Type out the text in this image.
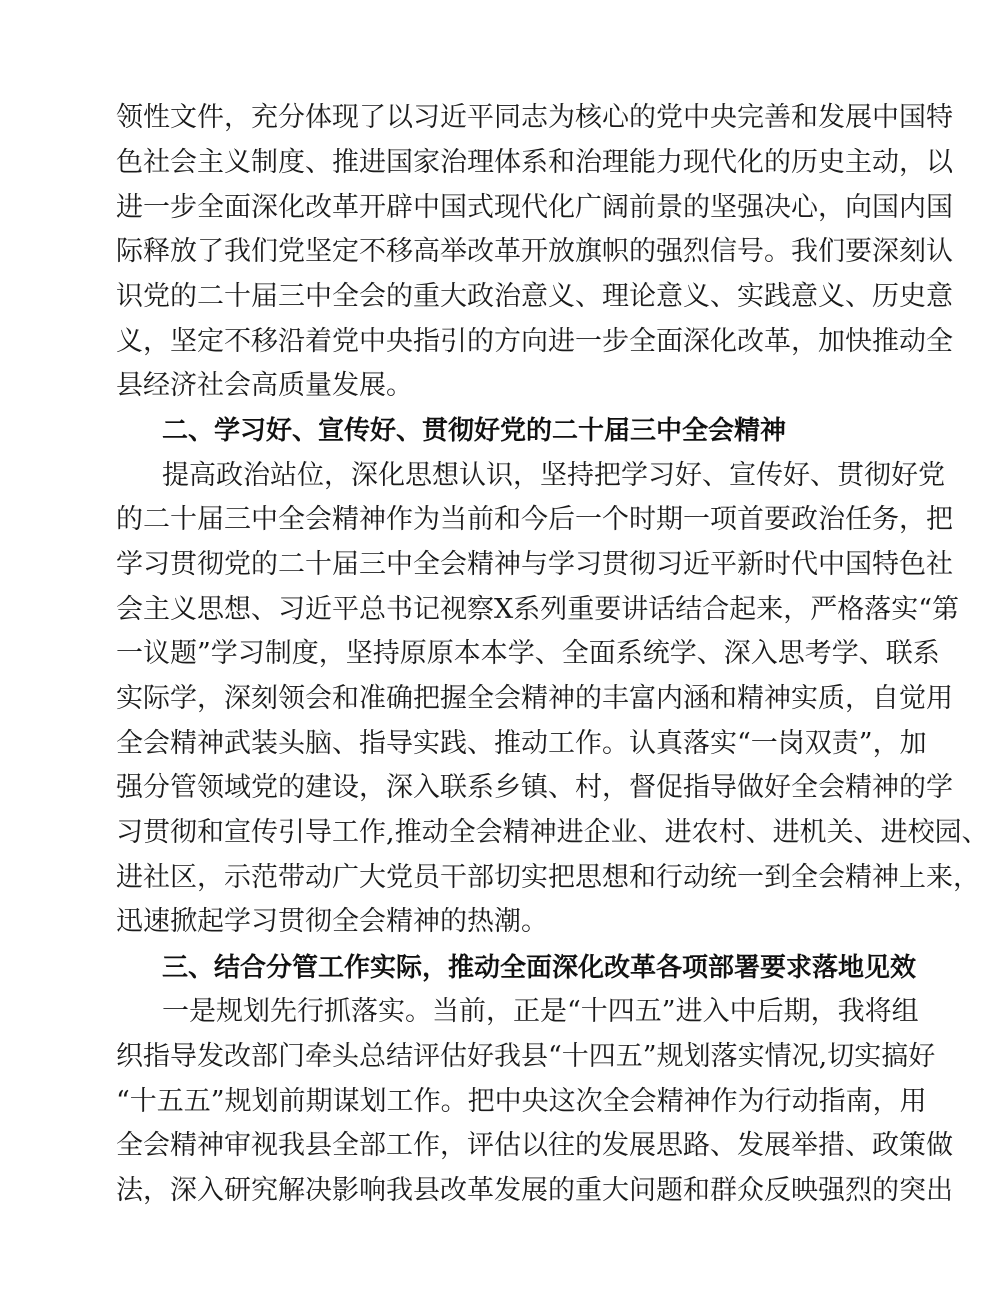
领性文件，充分体现了以习近平同志为核心的党中央完善和发展中国特
色社会主义制度、推进国家治理体系和治理能力现代化的历史主动，以
进一步全面深化改革开辟中国式现代化广阔前景的坚强决心，向国内国
际释放了我们党坚定不移高举改革开放旗帜的强烈信号。我们要深刻认
识党的二十届三中全会的重大政治意义、理论意义、实践意义、历史意
义，坚定不移沿着党中央指引的方向进一步全面深化改革，加快推动全
县经济社会高质量发展。
二、学习好、宣传好、贯彻好党的二十届三中全会精神
提高政治站位，深化思想认识，坚持把学习好、宣传好、贯彻好党
的二十届三中全会精神作为当前和今后一个时期一项首要政治任务，把
学习贯彻党的二十届三中全会精神与学习贯彻习近平新时代中国特色社
会主义思想、习近平总书记视察X系列重要讲话结合起来，严格落实“第
一议题”学习制度，坚持原原本本学、全面系统学、深入思考学、联系
实际学，深刻领会和准确把握全会精神的丰富内涵和精神实质，自觉用
全会精神武装头脑、指导实践、推动工作。认真落实“一岗双责”，加
强分管领域党的建设，深入联系乡镇、村，督促指导做好全会精神的学
习贯彻和宣传引导工作,推动全会精神进企业、进农村、进机关、进校园、
进社区，示范带动广大党员干部切实把思想和行动统一到全会精神上来，
迅速掀起学习贯彻全会精神的热潮。
三、结合分管工作实际，推动全面深化改革各项部署要求落地见效
一是规划先行抓落实。当前，正是“十四五”进入中后期，我将组
织指导发改部门牵头总结评估好我县“十四五”规划落实情况,切实搞好
“十五五”规划前期谋划工作。把中央这次全会精神作为行动指南，用
全会精神审视我县全部工作，评估以往的发展思路、发展举措、政策做
法，深入研究解决影响我县改革发展的重大问题和群众反映强烈的突出
